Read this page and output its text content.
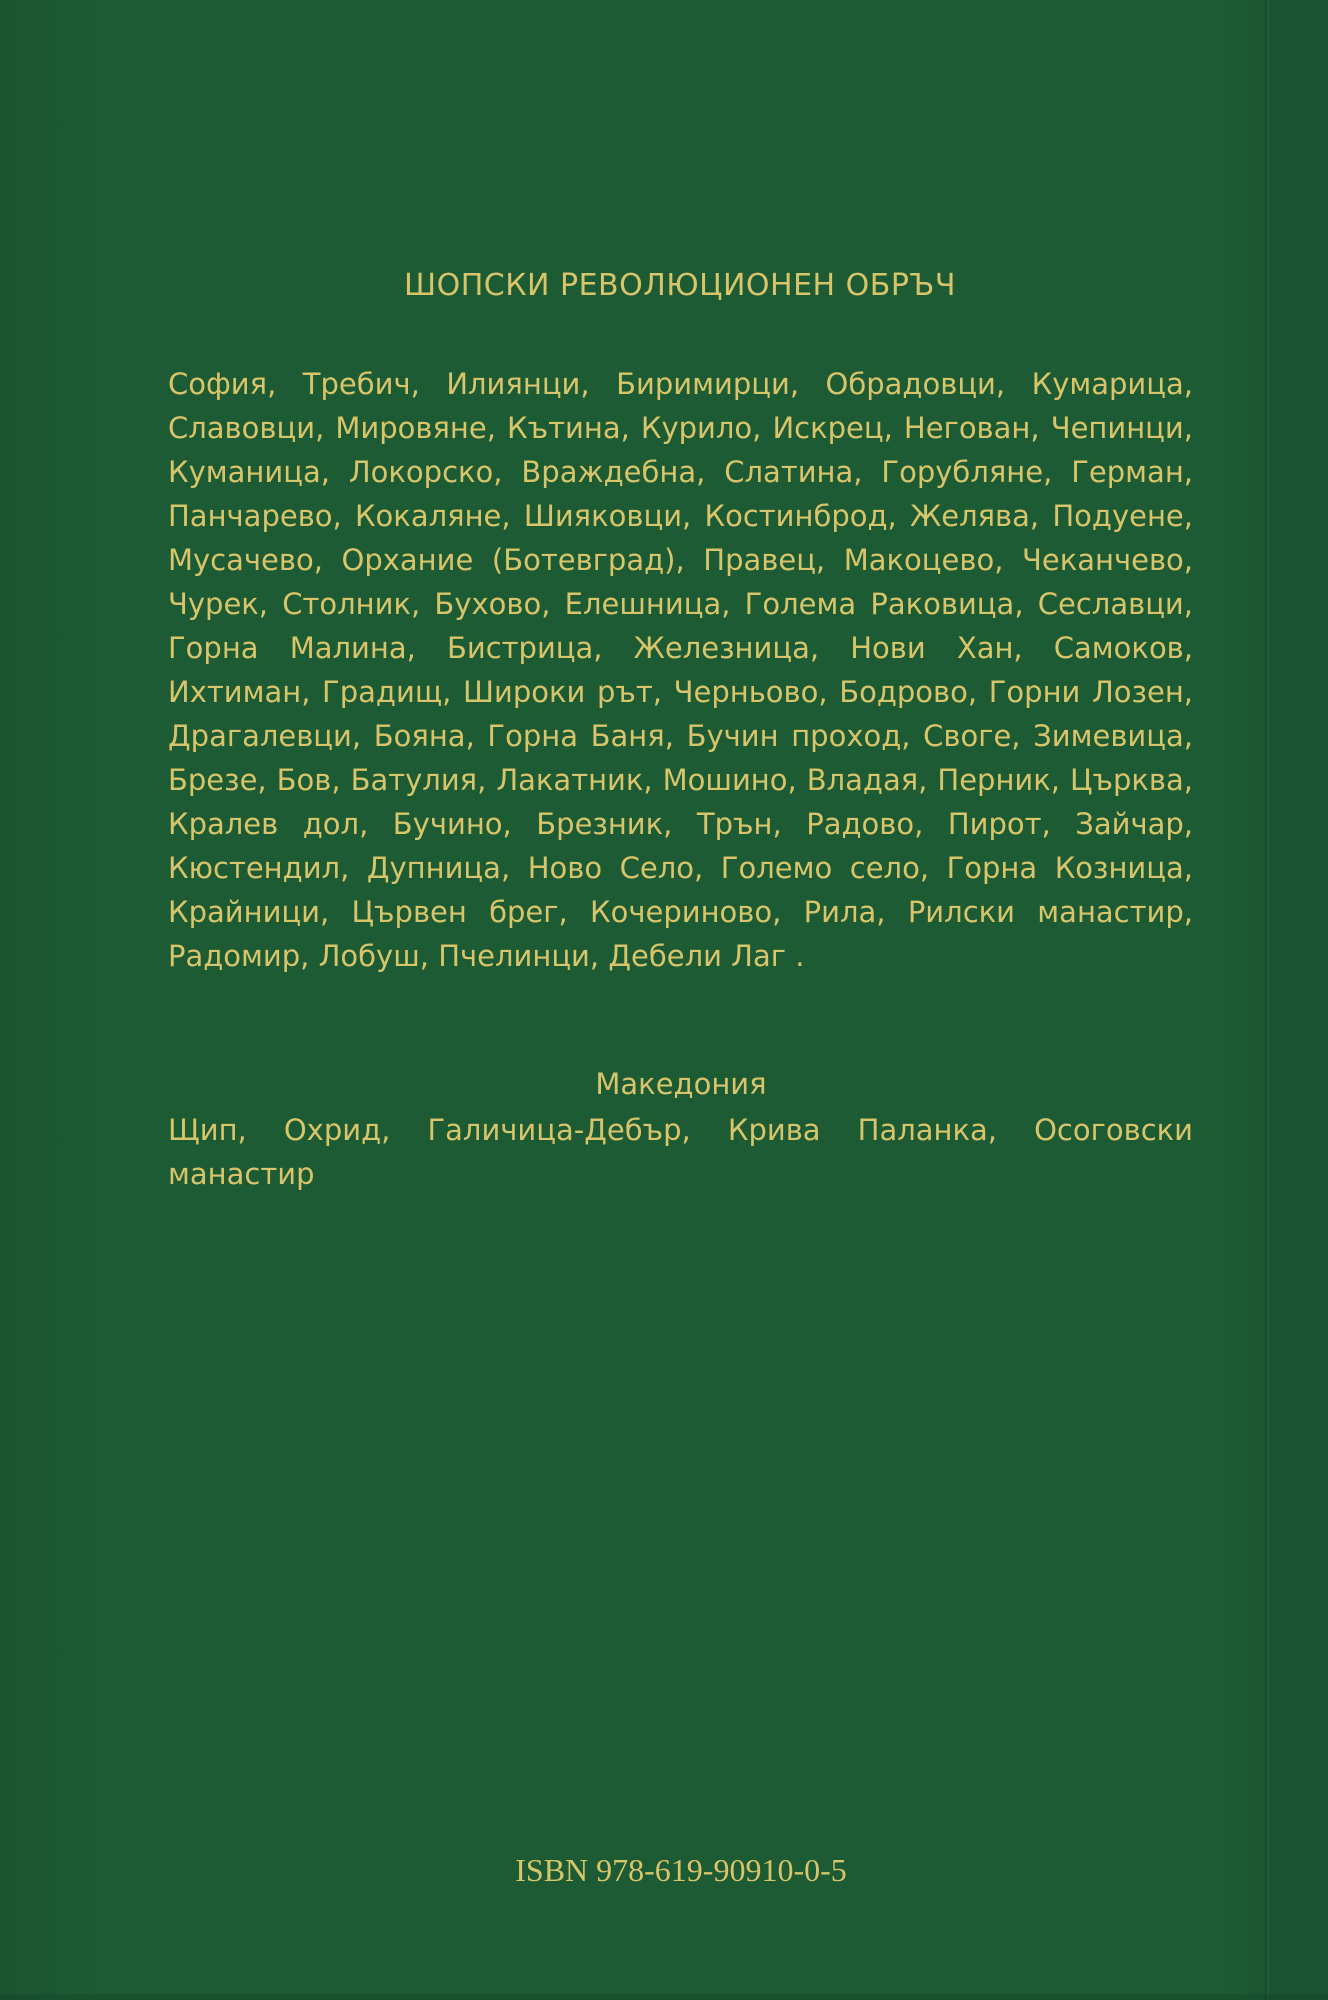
ШОПСКИ РЕВОЛЮЦИОНЕН ОБРЪЧ
София, Требич, Илиянци, Биримирци, Обрадовци, Кумарица, Славовци, Мировяне, Кътина, Курило, Искрец, Негован, Чепинци, Куманица, Локорско, Враждебна, Слатина, Горубляне, Герман, Панчарево, Кокаляне, Шияковци, Костинброд, Желява, Подуене, Мусачево, Орхание (Ботевград), Правец, Макоцево, Чеканчево, Чурек, Столник, Бухово, Елешница, Голема Раковица, Сеславци, Горна Малина, Бистрица, Железница, Нови Хан, Самоков, Ихтиман, Градищ, Широки рът, Черньово, Бодрово, Горни Лозен, Драгалевци, Бояна, Горна Баня, Бучин проход, Своге, Зимевица, Брезе, Бов, Батулия, Лакатник, Мошино, Владая, Перник, Църква, Кралев дол, Бучино, Брезник, Трън, Радово, Пирот, Зайчар, Кюстендил, Дупница, Ново Село, Големо село, Горна Козница, Крайници, Цървен брег, Кочериново, Рила, Рилски манастир, Радомир, Лобуш, Пчелинци, Дебели Лаг .
Македония
Щип, Охрид, Галичица-Дебър, Крива Паланка, Осоговски манастир
ISBN 978-619-90910-0-5
